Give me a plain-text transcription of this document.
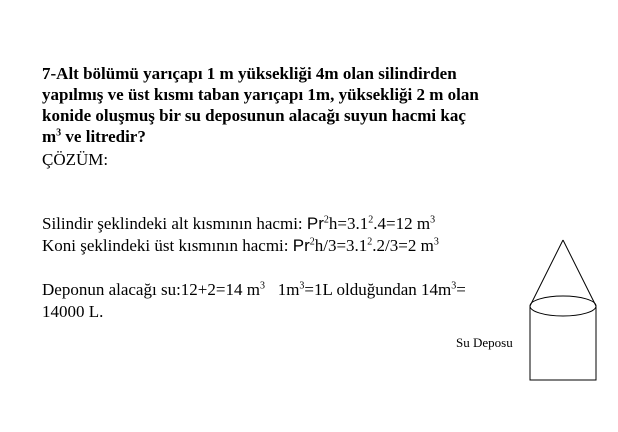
7-Alt bölümü yarıçapı 1 m yüksekliği 4m olan silindirden
yapılmış ve üst kısmı taban yarıçapı 1m, yüksekliği 2 m olan
konide oluşmuş bir su deposunun alacağı suyun hacmi kaç
$m^3$ ve litredir?
ÇÖZÜM:
Silindir şeklindeki alt kısmının hacmi: $Pr^2h=3.1^2.4=12$ $m^3$
Koni şeklindeki üst kısmının hacmi: $Pr^2h/3=3.1^2.2/3=2$ $m^3$
Deponun alacağı su:12+2=14 $m^3$   $1m^3=1L$ olduğundan $14m^3=$
14000 L.
Su Deposu
